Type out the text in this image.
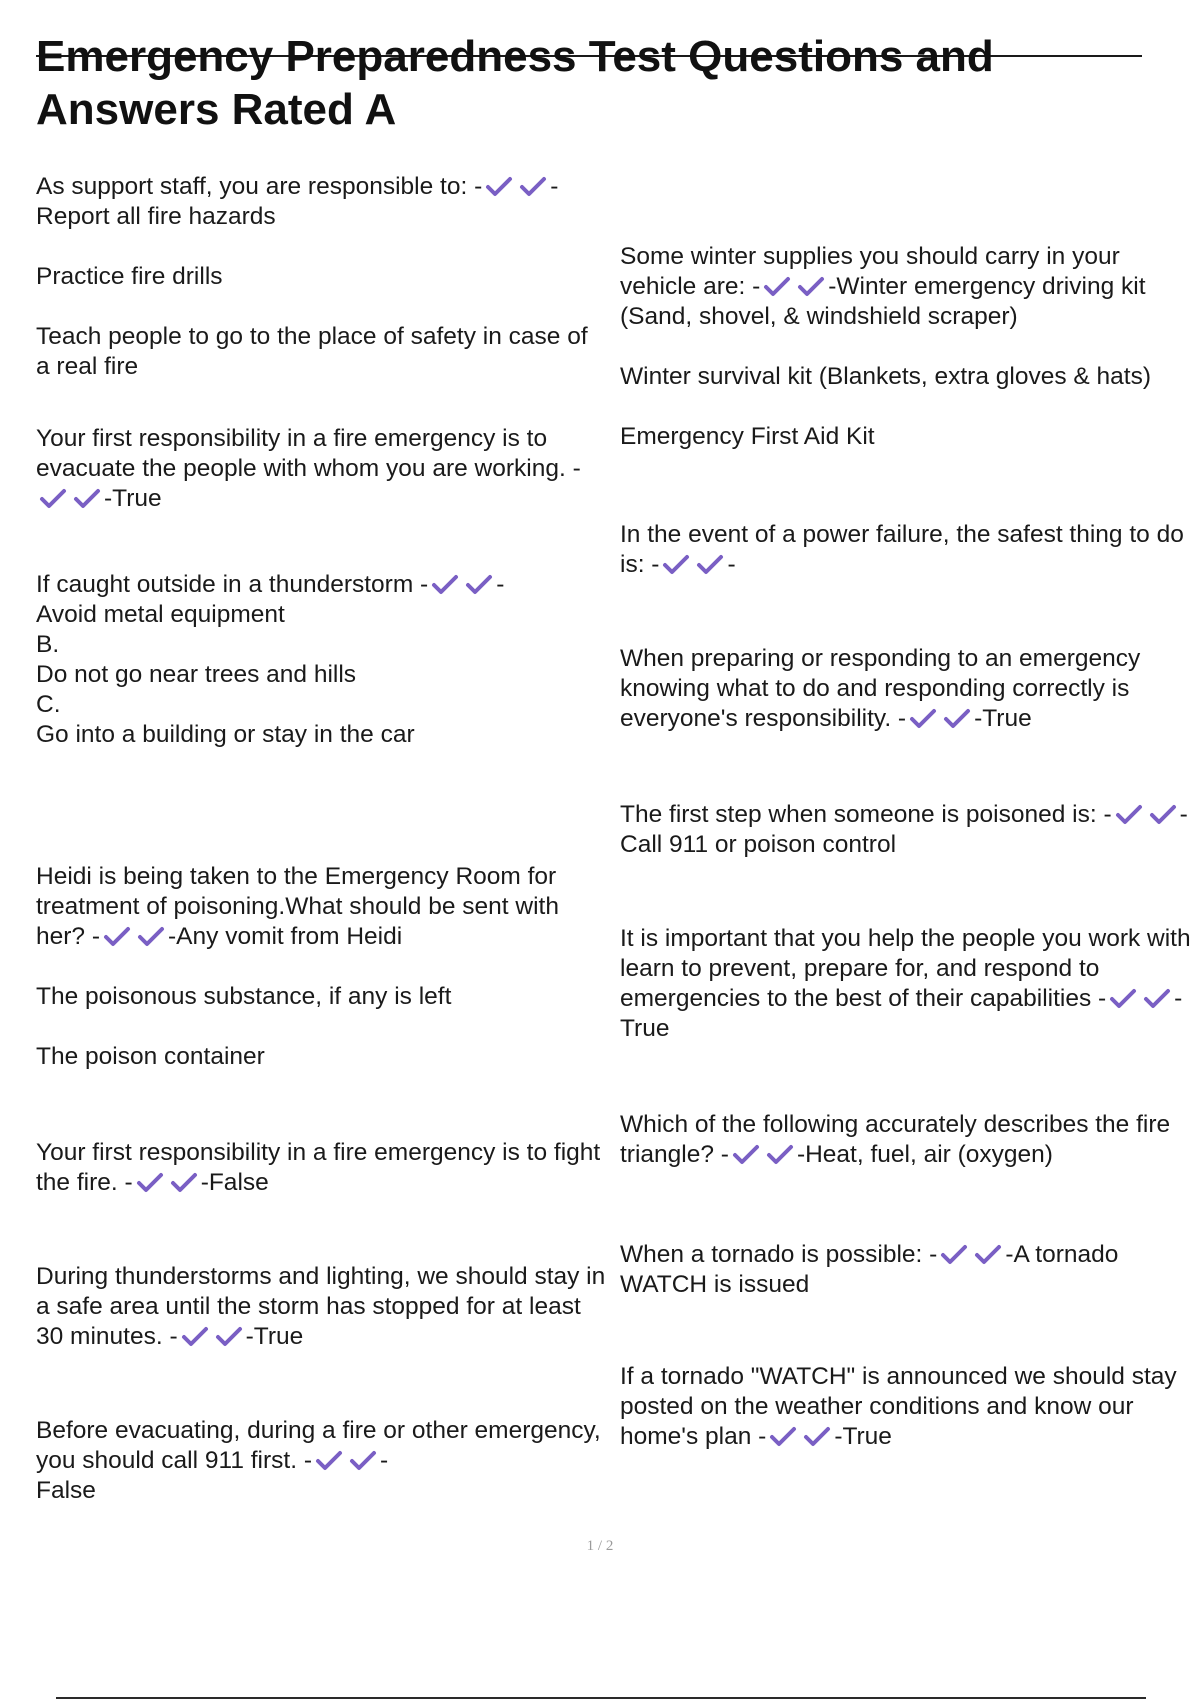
Emergency Preparedness Test Questions and Answers Rated A

As support staff, you are responsible to: -	-

Report all fire hazards

Practice fire drills

Teach people to go to the place of safety in case of a real fire

Your first responsibility in a fire emergency is to evacuate the people with whom you are working. -
-True

If caught outside in a thunderstorm -	-

Avoid metal equipment

B.

Do not go near trees and hills

C.

Go into a building or stay in the car

Heidi is being taken to the Emergency Room for treatment of poisoning.What should be sent with her? -	-Any vomit from Heidi

The poisonous substance, if any is left

The poison container

Your first responsibility in a fire emergency is to fight the fire. -	-False

During thunderstorms and lighting, we should stay in a safe area until the storm has stopped for at least 30 minutes. -	-True

Before evacuating, during a fire or other emergency, you should call 911 first. -	-

False

Some winter supplies you should carry in your vehicle are: -	-Winter emergency driving kit (Sand, shovel, & windshield scraper)

Winter survival kit (Blankets, extra gloves & hats)

Emergency First Aid Kit

In the event of a power failure, the safest thing to do is: -	-

When preparing or responding to an emergency knowing what to do and responding correctly is everyone's responsibility. -	-True

The first step when someone is poisoned is: -	-Call 911 or poison control

It is important that you help the people you work with learn to prevent, prepare for, and respond to emergencies to the best of their capabilities -	-True

Which of the following accurately describes the fire triangle? -	-Heat, fuel, air (oxygen)

When a tornado is possible: -	-A tornado WATCH is issued

If a tornado "WATCH" is announced we should stay posted on the weather conditions and know our home's plan -	-True

1 / 2
